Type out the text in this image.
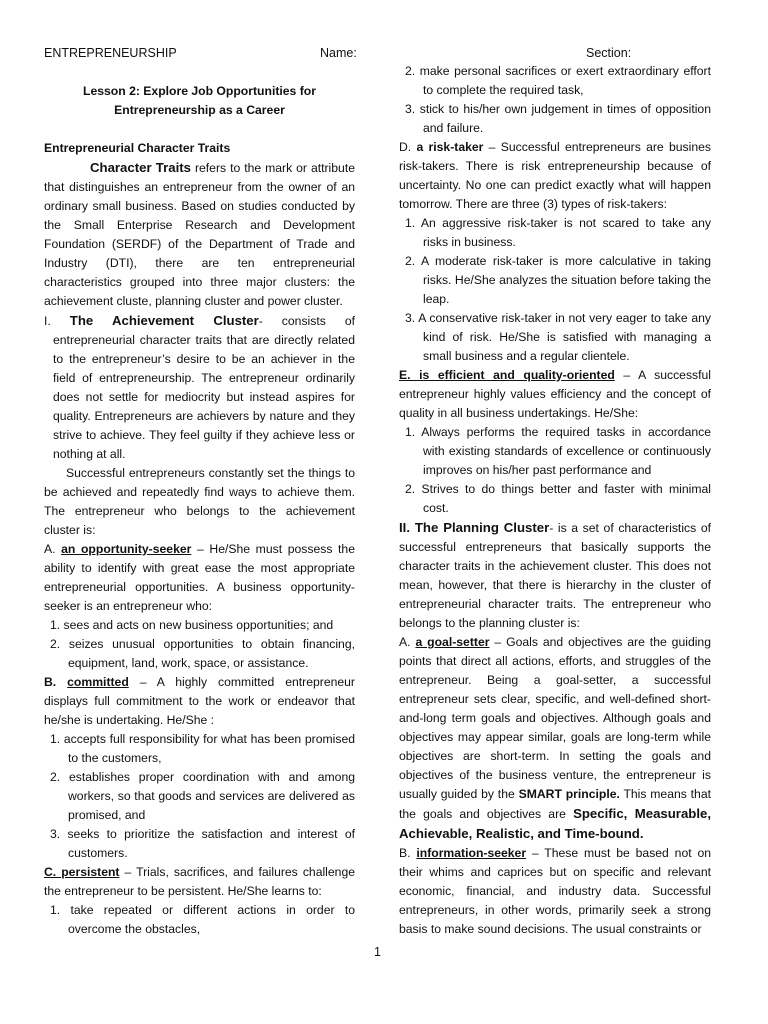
ENTREPRENEURSHIP	Name:	Section:

Lesson 2: Explore Job Opportunities for

Entrepreneurship as a Career

Entrepreneurial Character Traits

Character Traits refers to the mark or attribute that distinguishes an entrepreneur from the owner of an ordinary small business. Based on studies conducted by the Small Enterprise Research and Development Foundation (SERDF) of the Department of Trade and Industry (DTI), there are ten entrepreneurial characteristics grouped into three major clusters: the achievement cluste, planning cluster and power cluster.

I. The Achievement Cluster- consists of entrepreneurial character traits that are directly related to the entrepreneur’s desire to be an achiever in the field of entrepreneurship. The entrepreneur ordinarily does not settle for mediocrity but instead aspires for quality. Entrepreneurs are achievers by nature and they strive to achieve. They feel guilty if they achieve less or nothing at all.

Successful entrepreneurs constantly set the things to be achieved and repeatedly find ways to achieve them. The entrepreneur who belongs to the achievement cluster is:

A. an opportunity-seeker – He/She must possess the ability to identify with great ease the most appropriate entrepreneurial opportunities. A business opportunity-seeker is an entrepreneur who:

1. sees and acts on new business opportunities; and

2. seizes unusual opportunities to obtain financing, equipment, land, work, space, or assistance.

B. committed – A highly committed entrepreneur displays full commitment to the work or endeavor that he/she is undertaking. He/She :

1. accepts full responsibility for what has been promised to the customers,

2. establishes proper coordination with and among workers, so that goods and services are delivered as promised, and

3. seeks to prioritize the satisfaction and interest of customers.

C. persistent – Trials, sacrifices, and failures challenge the entrepreneur to be persistent. He/She learns to:

1. take repeated or different actions in order to overcome the obstacles,

2. make personal sacrifices or exert extraordinary effort to complete the required task,

3. stick to his/her own judgement in times of opposition and failure.

D. a risk-taker – Successful entrepreneurs are busines risk-takers. There is risk entrepreneurship because of uncertainty. No one can predict exactly what will happen tomorrow. There are three (3) types of risk-takers:

1. An aggressive risk-taker is not scared to take any risks in business.

2. A moderate risk-taker is more calculative in taking risks. He/She analyzes the situation before taking the leap.

3. A conservative risk-taker in not very eager to take any kind of risk. He/She is satisfied with managing a small business and a regular clientele.

E. is efficient and quality-oriented – A successful entrepreneur highly values efficiency and the concept of quality in all business undertakings. He/She:

1. Always performs the required tasks in accordance with existing standards of excellence or continuously improves on his/her past performance and

2. Strives to do things better and faster with minimal cost.

II. The Planning Cluster- is a set of characteristics of successful entrepreneurs that basically supports the character traits in the achievement cluster. This does not mean, however, that there is hierarchy in the cluster of entrepreneurial character traits. The entrepreneur who belongs to the planning cluster is:

A. a goal-setter – Goals and objectives are the guiding points that direct all actions, efforts, and struggles of the entrepreneur. Being a goal-setter, a successful entrepreneur sets clear, specific, and well-defined short- and-long term goals and objectives. Although goals and objectives may appear similar, goals are long-term while objectives are short-term. In setting the goals and objectives of the business venture, the entrepreneur is usually guided by the SMART principle. This means that the goals and objectives are Specific, Measurable, Achievable, Realistic, and Time-bound.

B. information-seeker – These must be based not on their whims and caprices but on specific and relevant economic, financial, and industry data. Successful entrepreneurs, in other words, primarily seek a strong basis to make sound decisions. The usual constraints or

1
